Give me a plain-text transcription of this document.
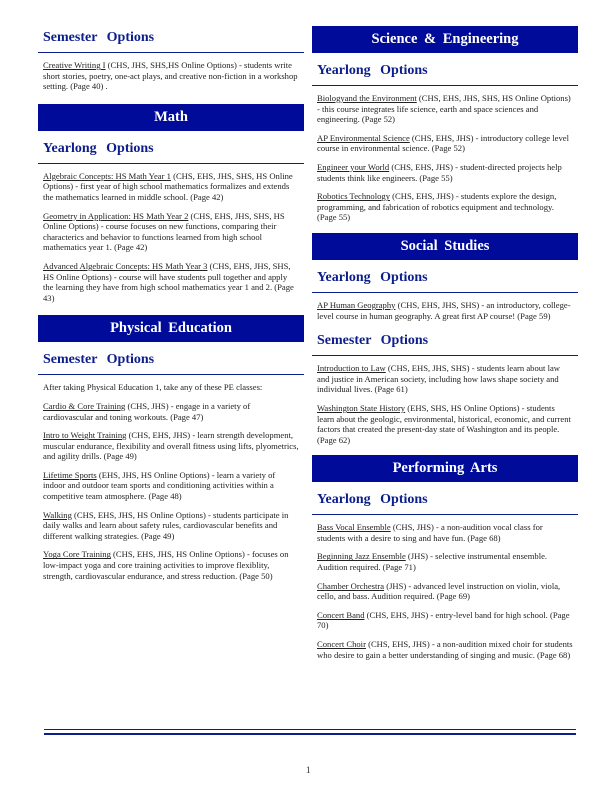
Semester Options

Creative Writing I (CHS, JHS, SHS,HS Online Options) - students write short stories, poetry, one-act plays, and creative non-fiction in a workshop setting. (Page 40) .

Math
Yearlong Options

Algebraic Concepts: HS Math Year 1 (CHS, EHS, JHS, SHS, HS Online Options) - first year of high school mathematics formalizes and extends the mathematics learned in middle school. (Page 42)

Geometry in Application: HS Math Year 2 (CHS, EHS, JHS, SHS, HS Online Options) - course focuses on new functions, comparing their characterics and behavior to functions learned from high school mathematics year 1. (Page 42)

Advanced Algebraic Concepts: HS Math Year 3 (CHS, EHS, JHS, SHS, HS Online Options) - course will have students pull together and apply the learning they have from high school mathematics year 1 and 2. (Page 43)

Physical Education
Semester Options

After taking Physical Education 1, take any of these PE classes:

Cardio & Core Training (CHS, JHS) - engage in a variety of cardiovascular and toning workouts. (Page 47)

Intro to Weight Training (CHS, EHS, JHS) - learn strength development, muscular endurance, flexibility and overall fitness using lifts, plyometrics, and agility drills. (Page 49)

Lifetime Sports (EHS, JHS, HS Online Options) - learn a variety of indoor and outdoor team sports and conditioning activities within a competitive team atmosphere. (Page 48)

Walking (CHS, EHS, JHS, HS Online Options) - students participate in daily walks and learn about safety rules, cardiovascular benefits and different walking strategies. (Page 49)

Yoga Core Training (CHS, EHS, JHS, HS Online Options) - focuses on low-impact yoga and core training activities to improve flexiblity, strength, cardiovascular endurance, and stress reduction. (Page 50)

Science & Engineering
Yearlong Options

Biologyand the Environment (CHS, EHS, JHS, SHS, HS Online Options) - this course integrates life science, earth and space sciences and engineering. (Page 52)

AP Environmental Science (CHS, EHS, JHS) - introductory college level course in environmental science. (Page 52)

Engineer your World (CHS, EHS, JHS) - student-directed projects help students think like engineers. (Page 55)

Robotics Technology (CHS, EHS, JHS) - students explore the design, programming, and fabrication of robotics equipment and technology. (Page 55)

Social Studies
Yearlong Options

AP Human Geography (CHS, EHS, JHS, SHS) - an introductory, college-level course in human geography. A great first AP course! (Page 59)

Semester Options

Introduction to Law (CHS, EHS, JHS, SHS) - students learn about law and justice in American society, including how laws shape society and individual lives. (Page 61)

Washington State History (EHS, SHS, HS Online Options) - students learn about the geologic, environmental, historical, economic, and current factors that created the present-day state of Washington and its people. (Page 62)

Performing Arts
Yearlong Options

Bass Vocal Ensemble (CHS, JHS) - a non-audition vocal class for students with a desire to sing and have fun. (Page 68)

Beginning Jazz Ensemble (JHS) - selective instrumental ensemble. Audition required. (Page 71)

Chamber Orchestra (JHS) - advanced level instruction on violin, viola, cello, and bass. Audition required. (Page 69)

Concert Band (CHS, EHS, JHS) - entry-level band for high school. (Page 70)

Concert Choir (CHS, EHS, JHS) - a non-audition mixed choir for students who desire to gain a better understanding of singing and music. (Page 68)

1
